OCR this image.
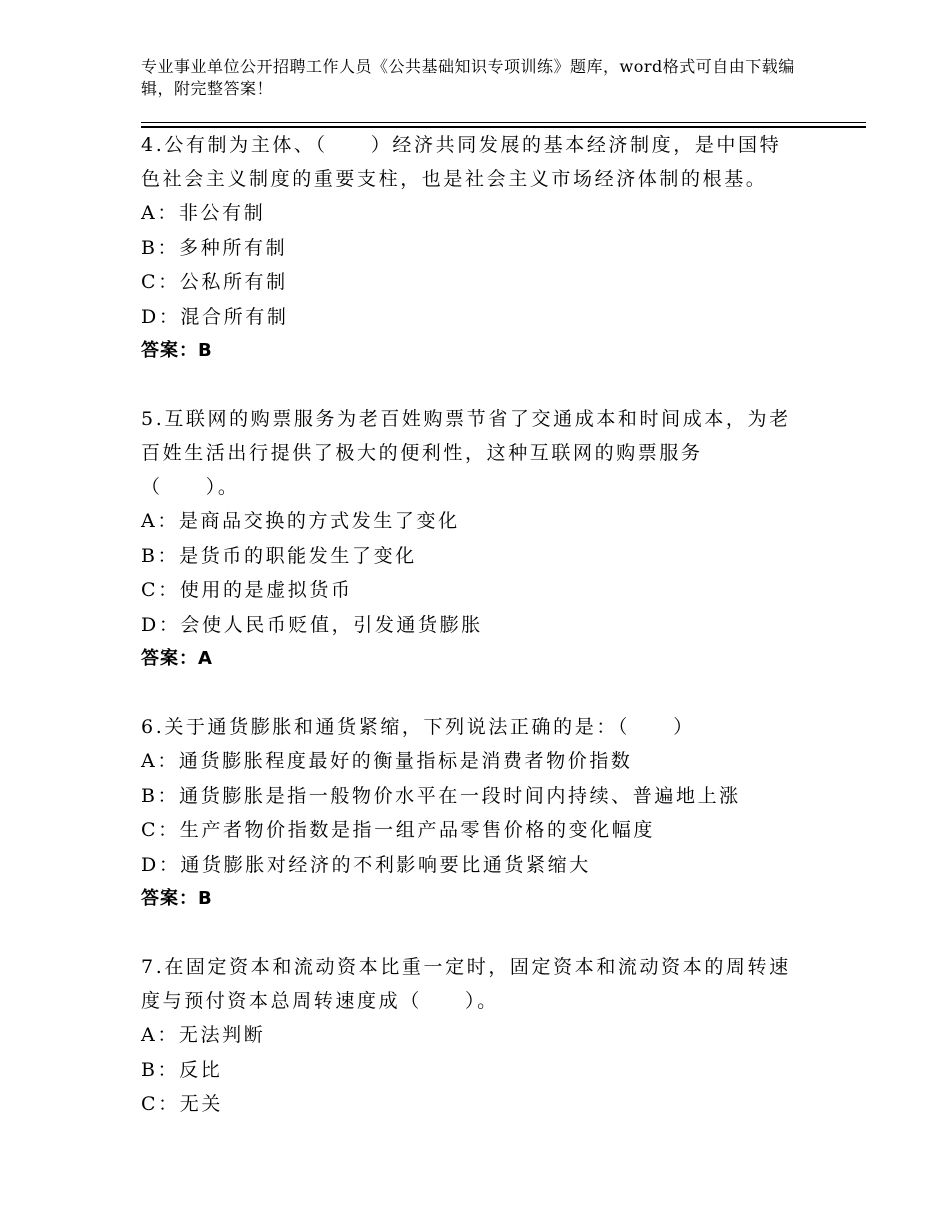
专业事业单位公开招聘工作人员《公共基础知识专项训练》题库，word格式可自由下载编辑，附完整答案！

4.公有制为主体、（　　）经济共同发展的基本经济制度，是中国特色社会主义制度的重要支柱，也是社会主义市场经济体制的根基。

A：非公有制

B：多种所有制

C：公私所有制

D：混合所有制

答案：B

5.互联网的购票服务为老百姓购票节省了交通成本和时间成本，为老百姓生活出行提供了极大的便利性，这种互联网的购票服务（　　）。

A：是商品交换的方式发生了变化

B：是货币的职能发生了变化

C：使用的是虚拟货币

D：会使人民币贬值，引发通货膨胀

答案：A

6.关于通货膨胀和通货紧缩，下列说法正确的是：（　　）

A：通货膨胀程度最好的衡量指标是消费者物价指数

B：通货膨胀是指一般物价水平在一段时间内持续、普遍地上涨

C：生产者物价指数是指一组产品零售价格的变化幅度

D：通货膨胀对经济的不利影响要比通货紧缩大

答案：B

7.在固定资本和流动资本比重一定时，固定资本和流动资本的周转速度与预付资本总周转速度成（　　）。

A：无法判断

B：反比

C：无关
